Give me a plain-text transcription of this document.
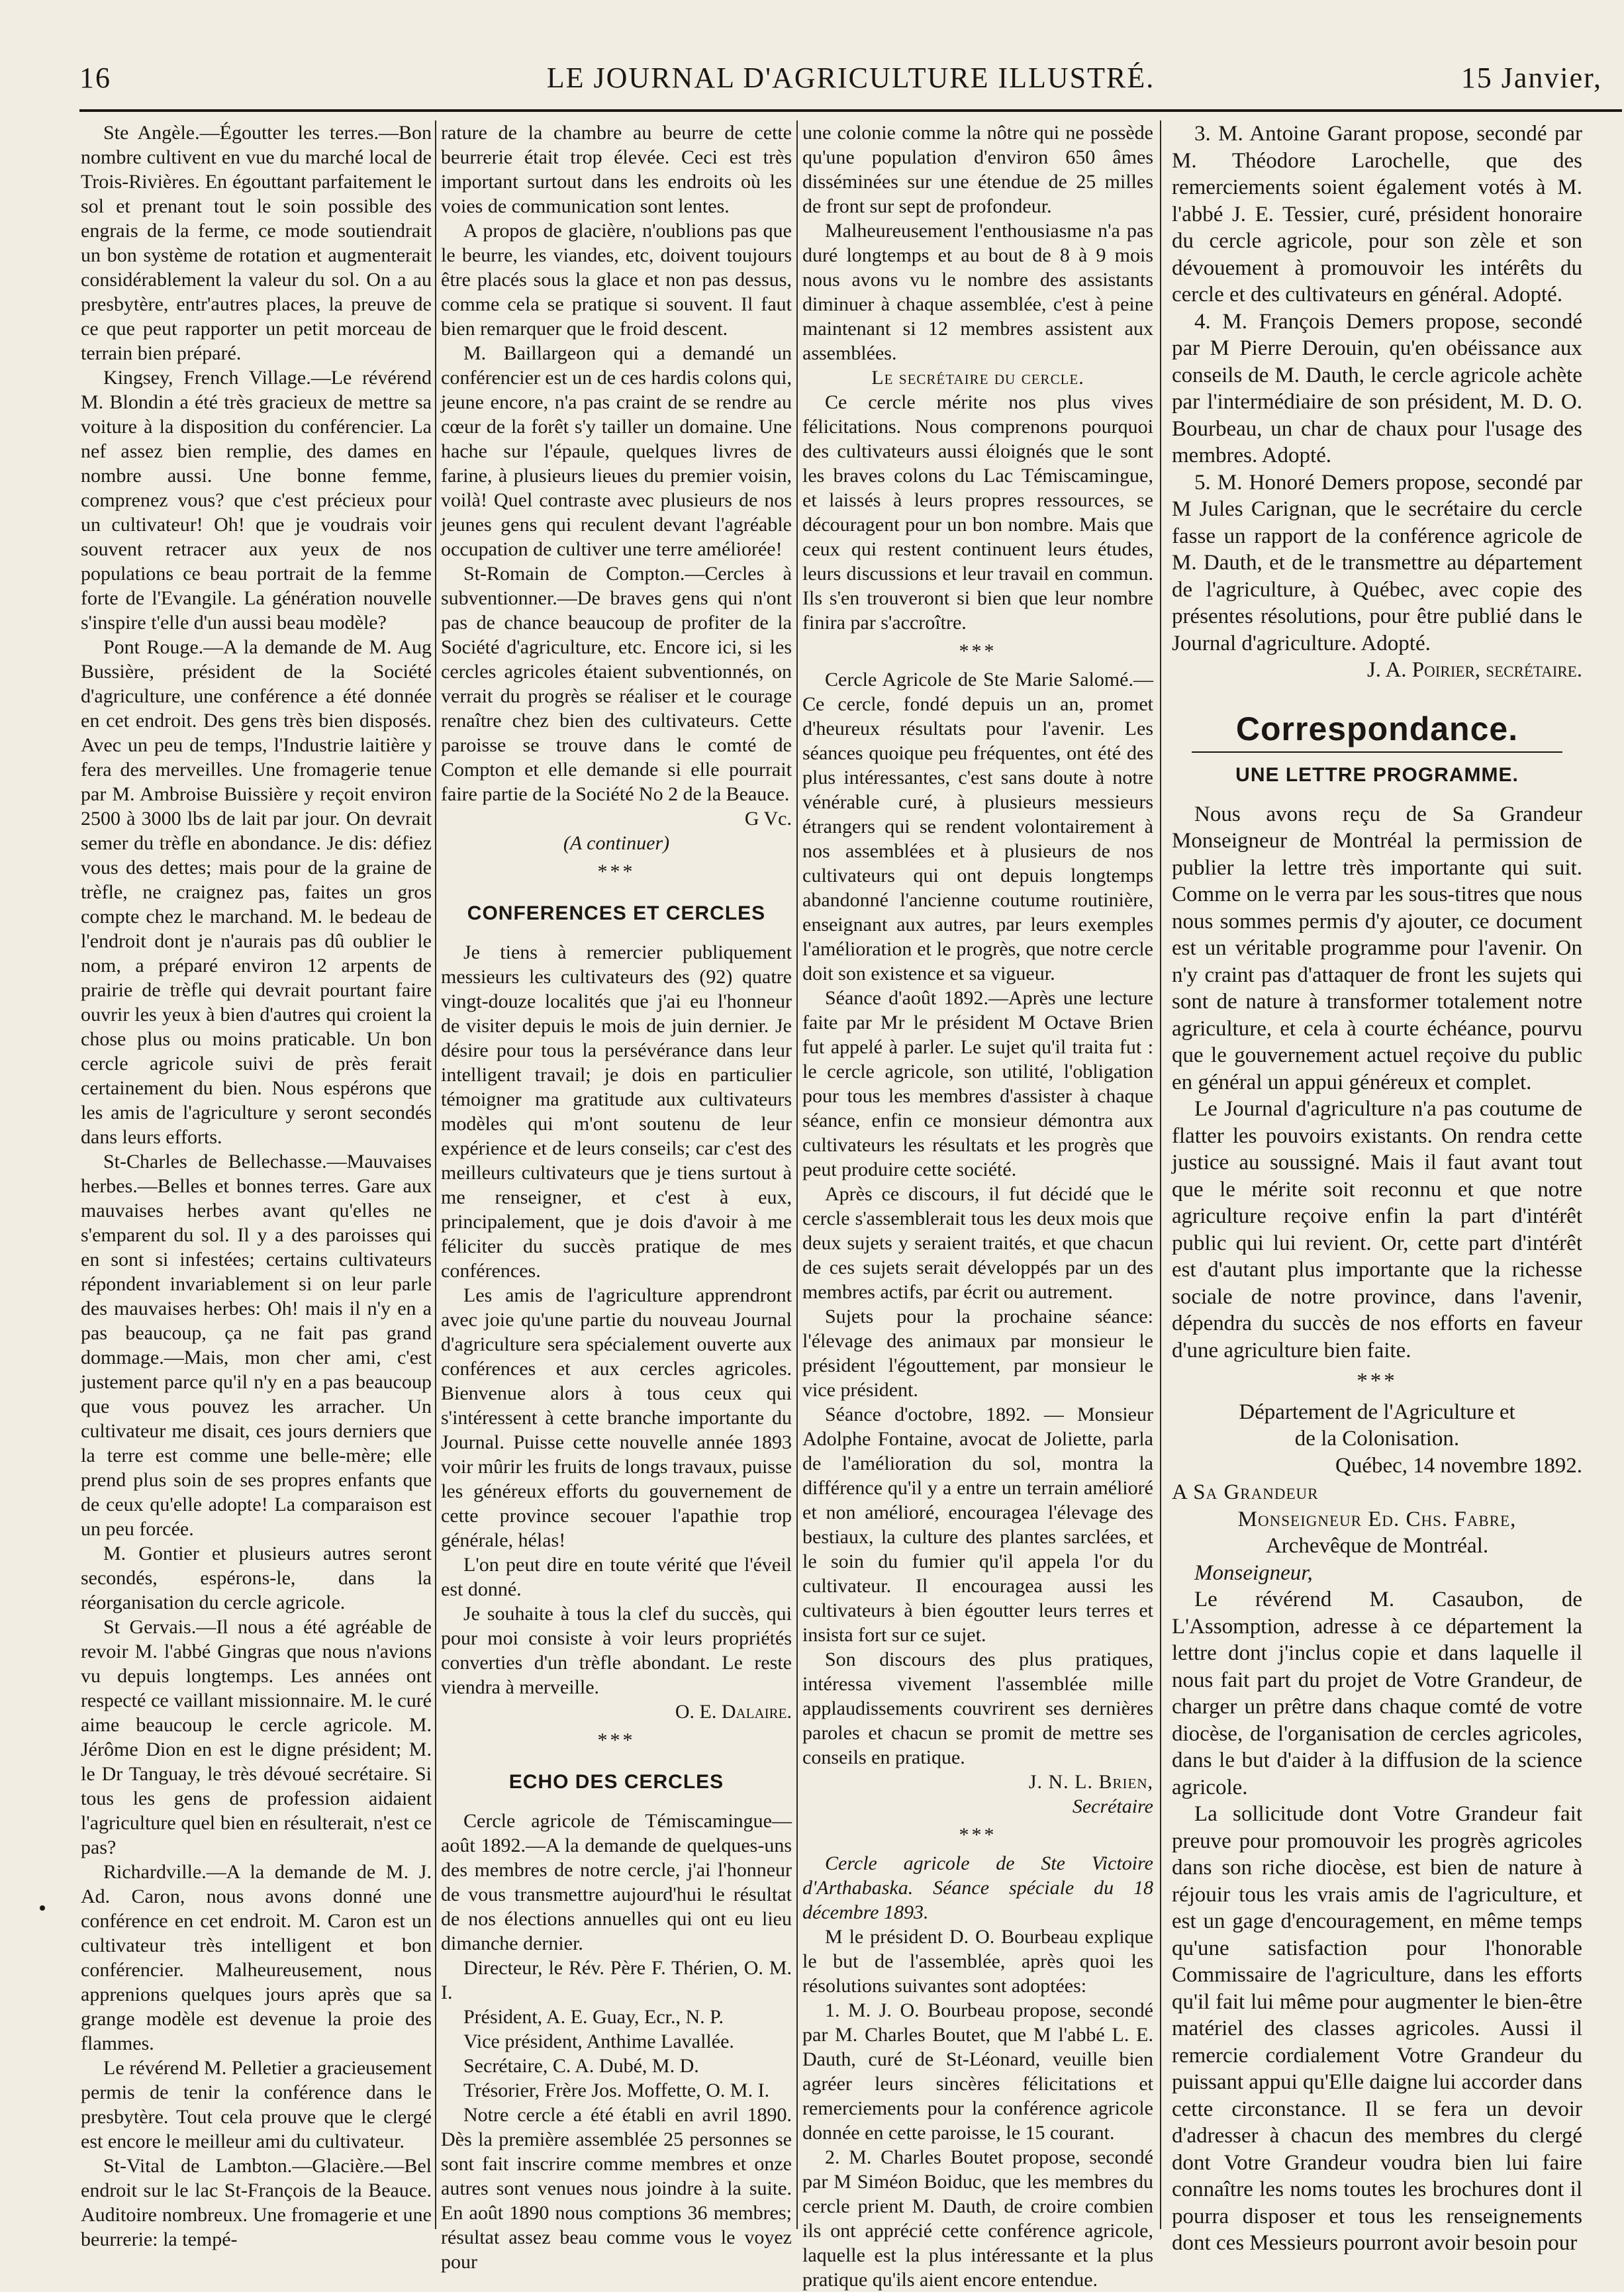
16	LE JOURNAL D'AGRICULTURE ILLUSTRÉ.	15 Janvier,

Ste Angèle.—Égoutter les terres.—Bon nombre cultivent en vue du marché local de Trois-Rivières. En égouttant parfaitement le sol et prenant tout le soin possible des engrais de la ferme, ce mode soutiendrait un bon système de rotation et augmenterait considérablement la valeur du sol. On a au presbytère, entr'autres places, la preuve de ce que peut rapporter un petit morceau de terrain bien préparé.

Kingsey, French Village.—Le révérend M. Blondin a été très gracieux de mettre sa voiture à la disposition du conférencier. La nef assez bien remplie, des dames en nombre aussi. Une bonne femme, comprenez vous? que c'est précieux pour un cultivateur! Oh! que je voudrais voir souvent retracer aux yeux de nos populations ce beau portrait de la femme forte de l'Evangile. La génération nouvelle s'inspire t'elle d'un aussi beau modèle?

Pont Rouge.—A la demande de M. Aug Bussière, président de la Société d'agriculture, une conférence a été donnée en cet endroit. Des gens très bien disposés. Avec un peu de temps, l'Industrie laitière y fera des merveilles. Une fromagerie tenue par M. Ambroise Buissière y reçoit environ 2500 à 3000 lbs de lait par jour. On devrait semer du trèfle en abondance. Je dis: défiez vous des dettes; mais pour de la graine de trèfle, ne craignez pas, faites un gros compte chez le marchand. M. le bedeau de l'endroit dont je n'aurais pas dû oublier le nom, a préparé environ 12 arpents de prairie de trèfle qui devrait pourtant faire ouvrir les yeux à bien d'autres qui croient la chose plus ou moins praticable. Un bon cercle agricole suivi de près ferait certainement du bien. Nous espérons que les amis de l'agriculture y seront secondés dans leurs efforts.

St-Charles de Bellechasse.—Mauvaises herbes.—Belles et bonnes terres. Gare aux mauvaises herbes avant qu'elles ne s'emparent du sol. Il y a des paroisses qui en sont si infestées; certains cultivateurs répondent invariablement si on leur parle des mauvaises herbes: Oh! mais il n'y en a pas beaucoup, ça ne fait pas grand dommage.—Mais, mon cher ami, c'est justement parce qu'il n'y en a pas beaucoup que vous pouvez les arracher. Un cultivateur me disait, ces jours derniers que la terre est comme une belle-mère; elle prend plus soin de ses propres enfants que de ceux qu'elle adopte! La comparaison est un peu forcée.

M. Gontier et plusieurs autres seront secondés, espérons-le, dans la réorganisation du cercle agricole.

St Gervais.—Il nous a été agréable de revoir M. l'abbé Gingras que nous n'avions vu depuis longtemps. Les années ont respecté ce vaillant missionnaire. M. le curé aime beaucoup le cercle agricole. M. Jérôme Dion en est le digne président; M. le Dr Tanguay, le très dévoué secrétaire. Si tous les gens de profession aidaient l'agriculture quel bien en résulterait, n'est ce pas?

Richardville.—A la demande de M. J. Ad. Caron, nous avons donné une conférence en cet endroit. M. Caron est un cultivateur très intelligent et bon conférencier. Malheureusement, nous apprenions quelques jours après que sa grange modèle est devenue la proie des flammes.

Le révérend M. Pelletier a gracieusement permis de tenir la conférence dans le presbytère. Tout cela prouve que le clergé est encore le meilleur ami du cultivateur.

St-Vital de Lambton.—Glacière.—Bel endroit sur le lac St-François de la Beauce. Auditoire nombreux. Une fromagerie et une beurrerie: la tempé-

rature de la chambre au beurre de cette beurrerie était trop élevée. Ceci est très important surtout dans les endroits où les voies de communication sont lentes.

A propos de glacière, n'oublions pas que le beurre, les viandes, etc, doivent toujours être placés sous la glace et non pas dessus, comme cela se pratique si souvent. Il faut bien remarquer que le froid descent.

M. Baillargeon qui a demandé un conférencier est un de ces hardis colons qui, jeune encore, n'a pas craint de se rendre au cœur de la forêt s'y tailler un domaine. Une hache sur l'épaule, quelques livres de farine, à plusieurs lieues du premier voisin, voilà! Quel contraste avec plusieurs de nos jeunes gens qui reculent devant l'agréable occupation de cultiver une terre améliorée!

St-Romain de Compton.—Cercles à subventionner.—De braves gens qui n'ont pas de chance beaucoup de profiter de la Société d'agriculture, etc. Encore ici, si les cercles agricoles étaient subventionnés, on verrait du progrès se réaliser et le courage renaître chez bien des cultivateurs. Cette paroisse se trouve dans le comté de Compton et elle demande si elle pourrait faire partie de la Société No 2 de la Beauce.

G Vc.

(A continuer)

***
CONFERENCES ET CERCLES

Je tiens à remercier publiquement messieurs les cultivateurs des (92) quatre vingt-douze localités que j'ai eu l'honneur de visiter depuis le mois de juin dernier. Je désire pour tous la persévérance dans leur intelligent travail; je dois en particulier témoigner ma gratitude aux cultivateurs modèles qui m'ont soutenu de leur expérience et de leurs conseils; car c'est des meilleurs cultivateurs que je tiens surtout à me renseigner, et c'est à eux, principalement, que je dois d'avoir à me féliciter du succès pratique de mes conférences.

Les amis de l'agriculture apprendront avec joie qu'une partie du nouveau Journal d'agriculture sera spécialement ouverte aux conférences et aux cercles agricoles. Bienvenue alors à tous ceux qui s'intéressent à cette branche importante du Journal. Puisse cette nouvelle année 1893 voir mûrir les fruits de longs travaux, puisse les généreux efforts du gouvernement de cette province secouer l'apathie trop générale, hélas!

L'on peut dire en toute vérité que l'éveil est donné.

Je souhaite à tous la clef du succès, qui pour moi consiste à voir leurs propriétés converties d'un trèfle abondant. Le reste viendra à merveille.

O. E. Dalaire.

***
ECHO DES CERCLES

Cercle agricole de Témiscamingue—août 1892.—A la demande de quelques-uns des membres de notre cercle, j'ai l'honneur de vous transmettre aujourd'hui le résultat de nos élections annuelles qui ont eu lieu dimanche dernier.

Directeur, le Rév. Père F. Thérien, O. M. I.

Président, A. E. Guay, Ecr., N. P.

Vice président, Anthime Lavallée.

Secrétaire, C. A. Dubé, M. D.

Trésorier, Frère Jos. Moffette, O. M. I.

Notre cercle a été établi en avril 1890. Dès la première assemblée 25 personnes se sont fait inscrire comme membres et onze autres sont venues nous joindre à la suite. En août 1890 nous comptions 36 membres; résultat assez beau comme vous le voyez pour

une colonie comme la nôtre qui ne possède qu'une population d'environ 650 âmes disséminées sur une étendue de 25 milles de front sur sept de profondeur.

Malheureusement l'enthousiasme n'a pas duré longtemps et au bout de 8 à 9 mois nous avons vu le nombre des assistants diminuer à chaque assemblée, c'est à peine maintenant si 12 membres assistent aux assemblées.

Le secrétaire du cercle.

Ce cercle mérite nos plus vives félicitations. Nous comprenons pourquoi des cultivateurs aussi éloignés que le sont les braves colons du Lac Témiscamingue, et laissés à leurs propres ressources, se découragent pour un bon nombre. Mais que ceux qui restent continuent leurs études, leurs discussions et leur travail en commun. Ils s'en trouveront si bien que leur nombre finira par s'accroître.

***

Cercle Agricole de Ste Marie Salomé.—Ce cercle, fondé depuis un an, promet d'heureux résultats pour l'avenir. Les séances quoique peu fréquentes, ont été des plus intéressantes, c'est sans doute à notre vénérable curé, à plusieurs messieurs étrangers qui se rendent volontairement à nos assemblées et à plusieurs de nos cultivateurs qui ont depuis longtemps abandonné l'ancienne coutume routinière, enseignant aux autres, par leurs exemples l'amélioration et le progrès, que notre cercle doit son existence et sa vigueur.

Séance d'août 1892.—Après une lecture faite par Mr le président M Octave Brien fut appelé à parler. Le sujet qu'il traita fut : le cercle agricole, son utilité, l'obligation pour tous les membres d'assister à chaque séance, enfin ce monsieur démontra aux cultivateurs les résultats et les progrès que peut produire cette société.

Après ce discours, il fut décidé que le cercle s'assemblerait tous les deux mois que deux sujets y seraient traités, et que chacun de ces sujets serait développés par un des membres actifs, par écrit ou autrement.

Sujets pour la prochaine séance: l'élevage des animaux par monsieur le président l'égouttement, par monsieur le vice président.

Séance d'octobre, 1892. — Monsieur Adolphe Fontaine, avocat de Joliette, parla de l'amélioration du sol, montra la différence qu'il y a entre un terrain amélioré et non amélioré, encouragea l'élevage des bestiaux, la culture des plantes sarclées, et le soin du fumier qu'il appela l'or du cultivateur. Il encouragea aussi les cultivateurs à bien égoutter leurs terres et insista fort sur ce sujet.

Son discours des plus pratiques, intéressa vivement l'assemblée mille applaudissements couvrirent ses dernières paroles et chacun se promit de mettre ses conseils en pratique.

J. N. L. Brien,

Secrétaire

***

Cercle agricole de Ste Victoire d'Arthabaska. Séance spéciale du 18 décembre 1893.

M le président D. O. Bourbeau explique le but de l'assemblée, après quoi les résolutions suivantes sont adoptées:

1. M. J. O. Bourbeau propose, secondé par M. Charles Boutet, que M l'abbé L. E. Dauth, curé de St-Léonard, veuille bien agréer leurs sincères félicitations et remerciements pour la conférence agricole donnée en cette paroisse, le 15 courant.

2. M. Charles Boutet propose, secondé par M Siméon Boiduc, que les membres du cercle prient M. Dauth, de croire combien ils ont apprécié cette conférence agricole, laquelle est la plus intéressante et la plus pratique qu'ils aient encore entendue.

3. M. Antoine Garant propose, secondé par M. Théodore Larochelle, que des remerciements soient également votés à M. l'abbé J. E. Tessier, curé, président honoraire du cercle agricole, pour son zèle et son dévouement à promouvoir les intérêts du cercle et des cultivateurs en général. Adopté.

4. M. François Demers propose, secondé par M Pierre Derouin, qu'en obéissance aux conseils de M. Dauth, le cercle agricole achète par l'intermédiaire de son président, M. D. O. Bourbeau, un char de chaux pour l'usage des membres. Adopté.

5. M. Honoré Demers propose, secondé par M Jules Carignan, que le secrétaire du cercle fasse un rapport de la conférence agricole de M. Dauth, et de le transmettre au département de l'agriculture, à Québec, avec copie des présentes résolutions, pour être publié dans le Journal d'agriculture. Adopté.

J. A. Poirier, secrétaire.

Correspondance.
UNE LETTRE PROGRAMME.

Nous avons reçu de Sa Grandeur Monseigneur de Montréal la permission de publier la lettre très importante qui suit. Comme on le verra par les sous-titres que nous nous sommes permis d'y ajouter, ce document est un véritable programme pour l'avenir. On n'y craint pas d'attaquer de front les sujets qui sont de nature à transformer totalement notre agriculture, et cela à courte échéance, pourvu que le gouvernement actuel reçoive du public en général un appui généreux et complet.

Le Journal d'agriculture n'a pas coutume de flatter les pouvoirs existants. On rendra cette justice au soussigné. Mais il faut avant tout que le mérite soit reconnu et que notre agriculture reçoive enfin la part d'intérêt public qui lui revient. Or, cette part d'intérêt est d'autant plus importante que la richesse sociale de notre province, dans l'avenir, dépendra du succès de nos efforts en faveur d'une agriculture bien faite.

***

Département de l'Agriculture et

de la Colonisation.

Québec, 14 novembre 1892.

A Sa Grandeur

Monseigneur Ed. Chs. Fabre,

Archevêque de Montréal.

Monseigneur,

Le révérend M. Casaubon, de L'Assomption, adresse à ce département la lettre dont j'inclus copie et dans laquelle il nous fait part du projet de Votre Grandeur, de charger un prêtre dans chaque comté de votre diocèse, de l'organisation de cercles agricoles, dans le but d'aider à la diffusion de la science agricole.

La sollicitude dont Votre Grandeur fait preuve pour promouvoir les progrès agricoles dans son riche diocèse, est bien de nature à réjouir tous les vrais amis de l'agriculture, et est un gage d'encouragement, en même temps qu'une satisfaction pour l'honorable Commissaire de l'agriculture, dans les efforts qu'il fait lui même pour augmenter le bien-être matériel des classes agricoles. Aussi il remercie cordialement Votre Grandeur du puissant appui qu'Elle daigne lui accorder dans cette circonstance. Il se fera un devoir d'adresser à chacun des membres du clergé dont Votre Grandeur voudra bien lui faire connaître les noms toutes les brochures dont il pourra disposer et tous les renseignements dont ces Messieurs pourront avoir besoin pour
